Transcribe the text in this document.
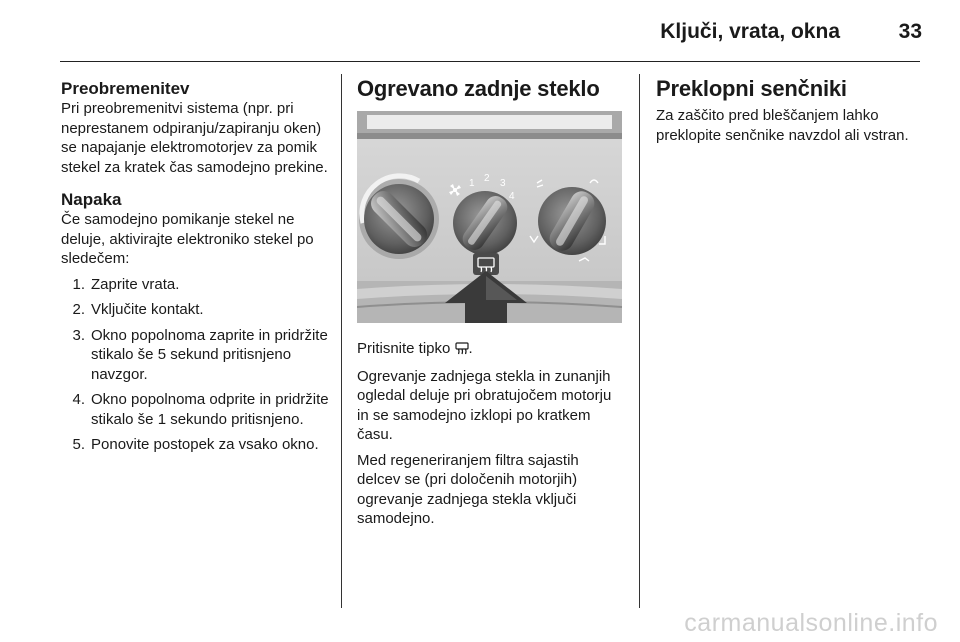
Ključi, vrata, okna	33
Preobremenitev

Pri preobremenitvi sistema (npr. pri neprestanem odpiranju/zapiranju oken) se napajanje elektromotorjev za pomik stekel za kratek čas samodejno prekine.

Napaka

Če samodejno pomikanje stekel ne deluje, aktivirajte elektroniko stekel po sledečem:

1. Zaprite vrata.
2. Vključite kontakt.
3. Okno popolnoma zaprite in pridržite stikalo še 5 sekund pritisnjeno navzgor.
4. Okno popolnoma odprite in pridržite stikalo še 1 sekundo pritisnjeno.
5. Ponovite postopek za vsako okno.
Ogrevano zadnje steklo
1 2 3
4

Pritisnite tipko .

Ogrevanje zadnjega stekla in zunanjih ogledal deluje pri obratujočem motorju in se samodejno izklopi po kratkem času.

Med regeneriranjem filtra sajastih delcev se (pri določenih motorjih) ogrevanje zadnjega stekla vključi samodejno.

Preklopni senčniki

Za zaščito pred bleščanjem lahko preklopite senčnike navzdol ali vstran.

carmanualsonline.info
